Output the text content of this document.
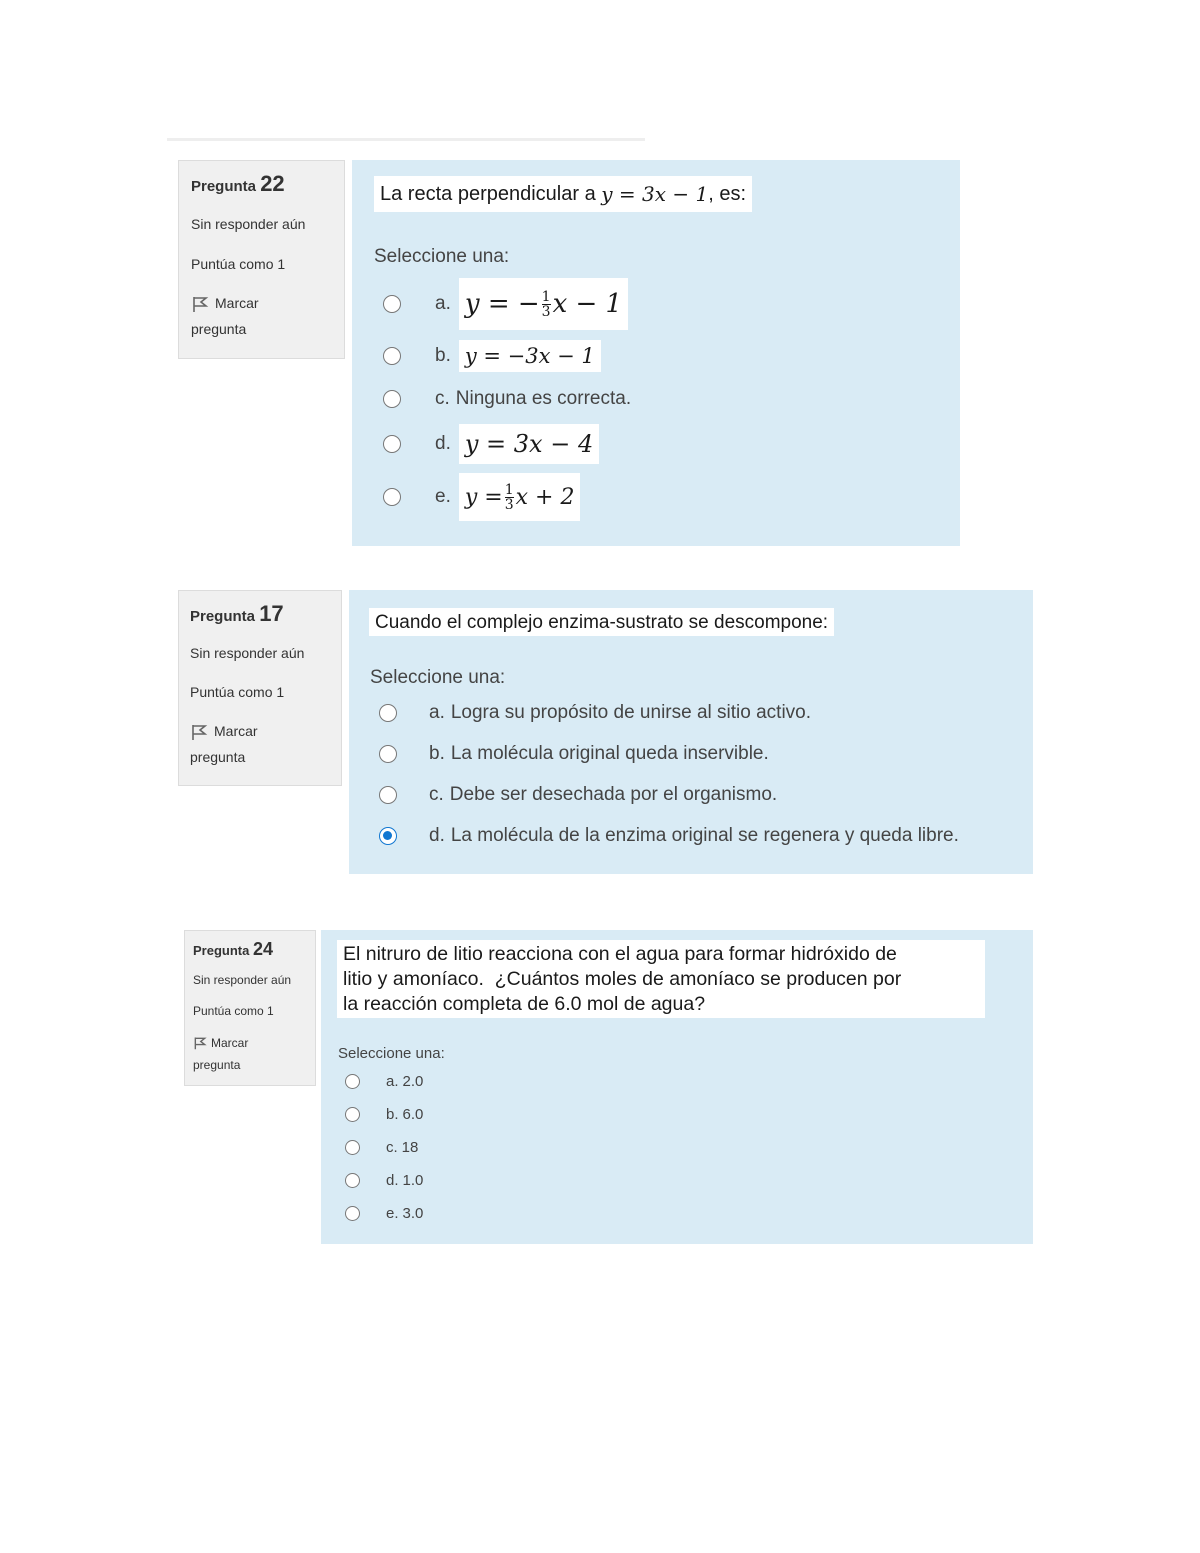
Pregunta 22
Sin responder aún
Puntúa como 1
Marcar
pregunta
La recta perpendicular a
y = 3x − 1 , es:
Seleccione una:
a. y = − $\frac{1}{3}$ x − 1
b. y = −3x − 1
c. Ninguna es correcta.
d. y = 3x − 4
e. $y = \frac{1}{3}$ x + 2
Pregunta 17
Sin responder aún
Puntúa como 1
Marcar
pregunta
Cuando el complejo enzima-sustrato se descompone:
Seleccione una:
a. Logra su propósito de unirse al sitio activo.
b. La molécula original queda inservible.
c. Debe ser desechada por el organismo.
d. La molécula de la enzima original se regenera y queda libre.
Pregunta 24
Sin responder aún
Puntúa como 1
Marcar
pregunta
El nitruro de litio reacciona con el agua para formar hidróxido de
litio y amoníaco.  ¿Cuántos moles de amoníaco se producen por
la reacción completa de 6.0 mol de agua?
Seleccione una:
a. 2.0
b. 6.0
c. 18
d. 1.0
e. 3.0
